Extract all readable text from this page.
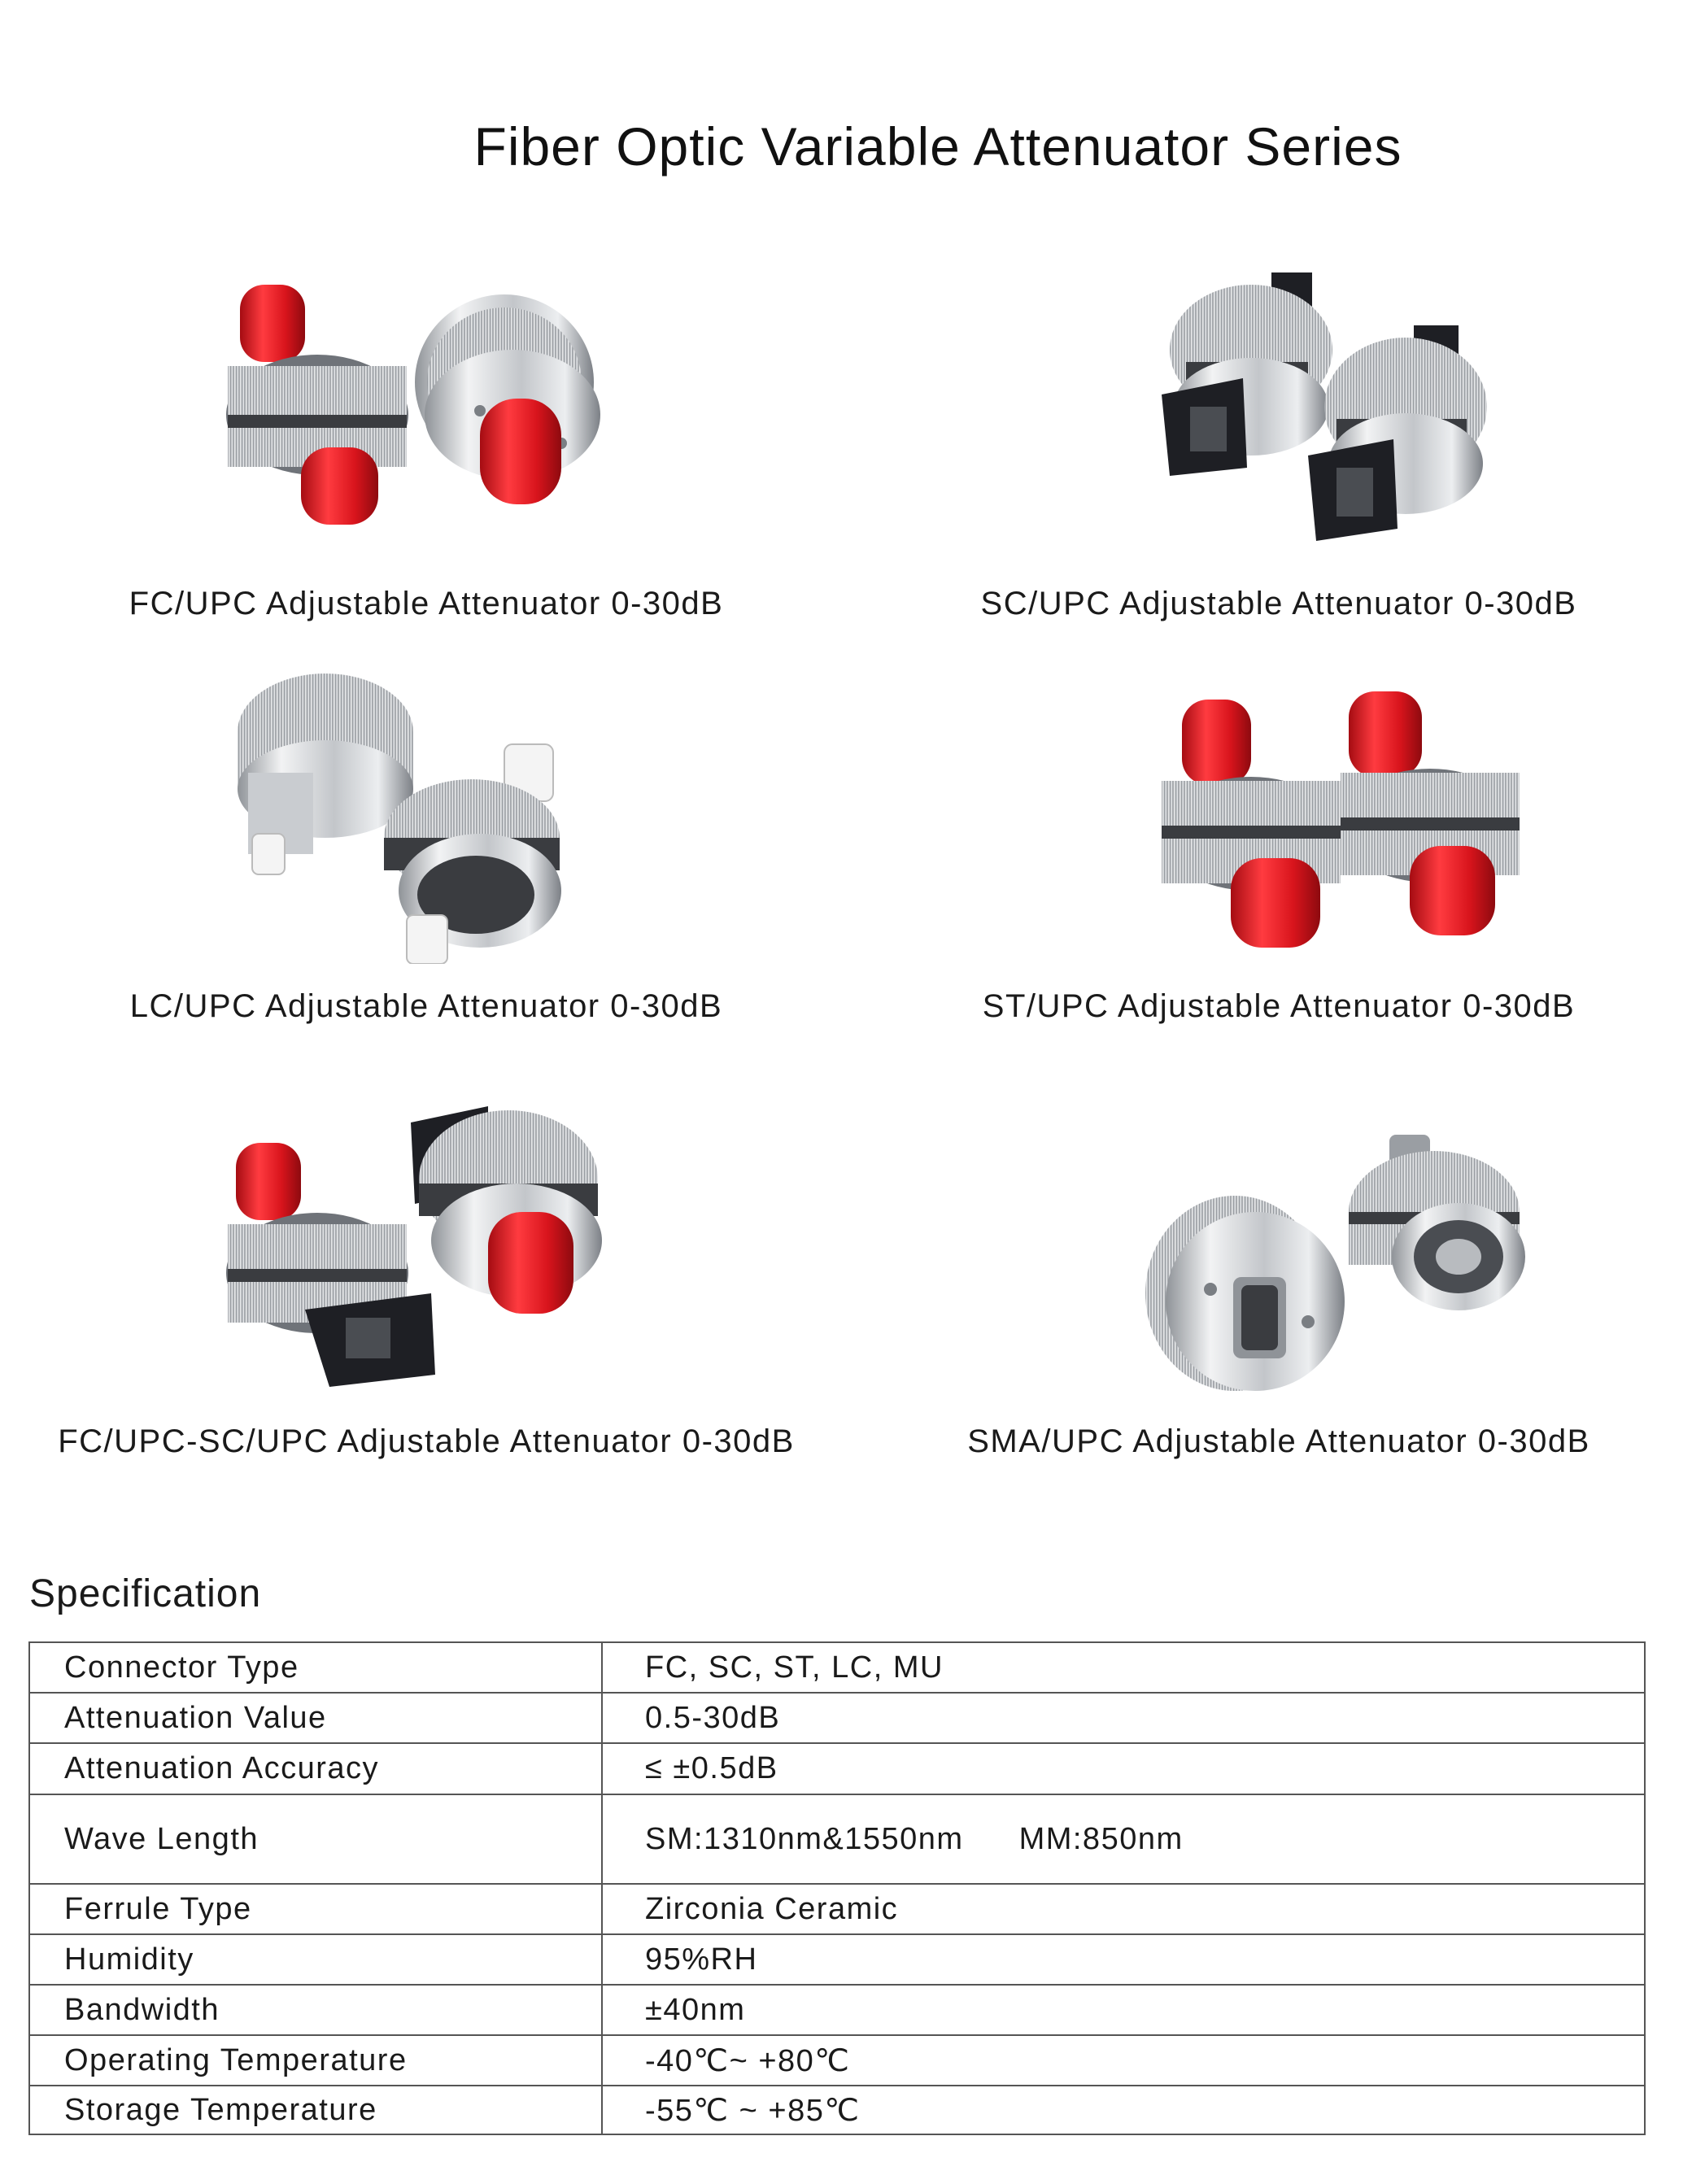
Fiber Optic Variable Attenuator Series
FC/UPC Adjustable Attenuator 0-30dB	SC/UPC Adjustable Attenuator 0-30dB
LC/UPC Adjustable Attenuator 0-30dB	ST/UPC Adjustable Attenuator 0-30dB
FC/UPC-SC/UPC Adjustable Attenuator 0-30dB	SMA/UPC Adjustable Attenuator 0-30dB
Specification
Connector Type	FC, SC, ST, LC, MU
Attenuation Value	0.5-30dB
Attenuation Accuracy	≤ ±0.5dB
Wave Length	SM:1310nm&1550nm MM:850nm
Ferrule Type	Zirconia Ceramic
Humidity	95%RH
Bandwidth	±40nm
Operating Temperature	-40℃~ +80℃
Storage Temperature	-55℃ ~ +85℃
